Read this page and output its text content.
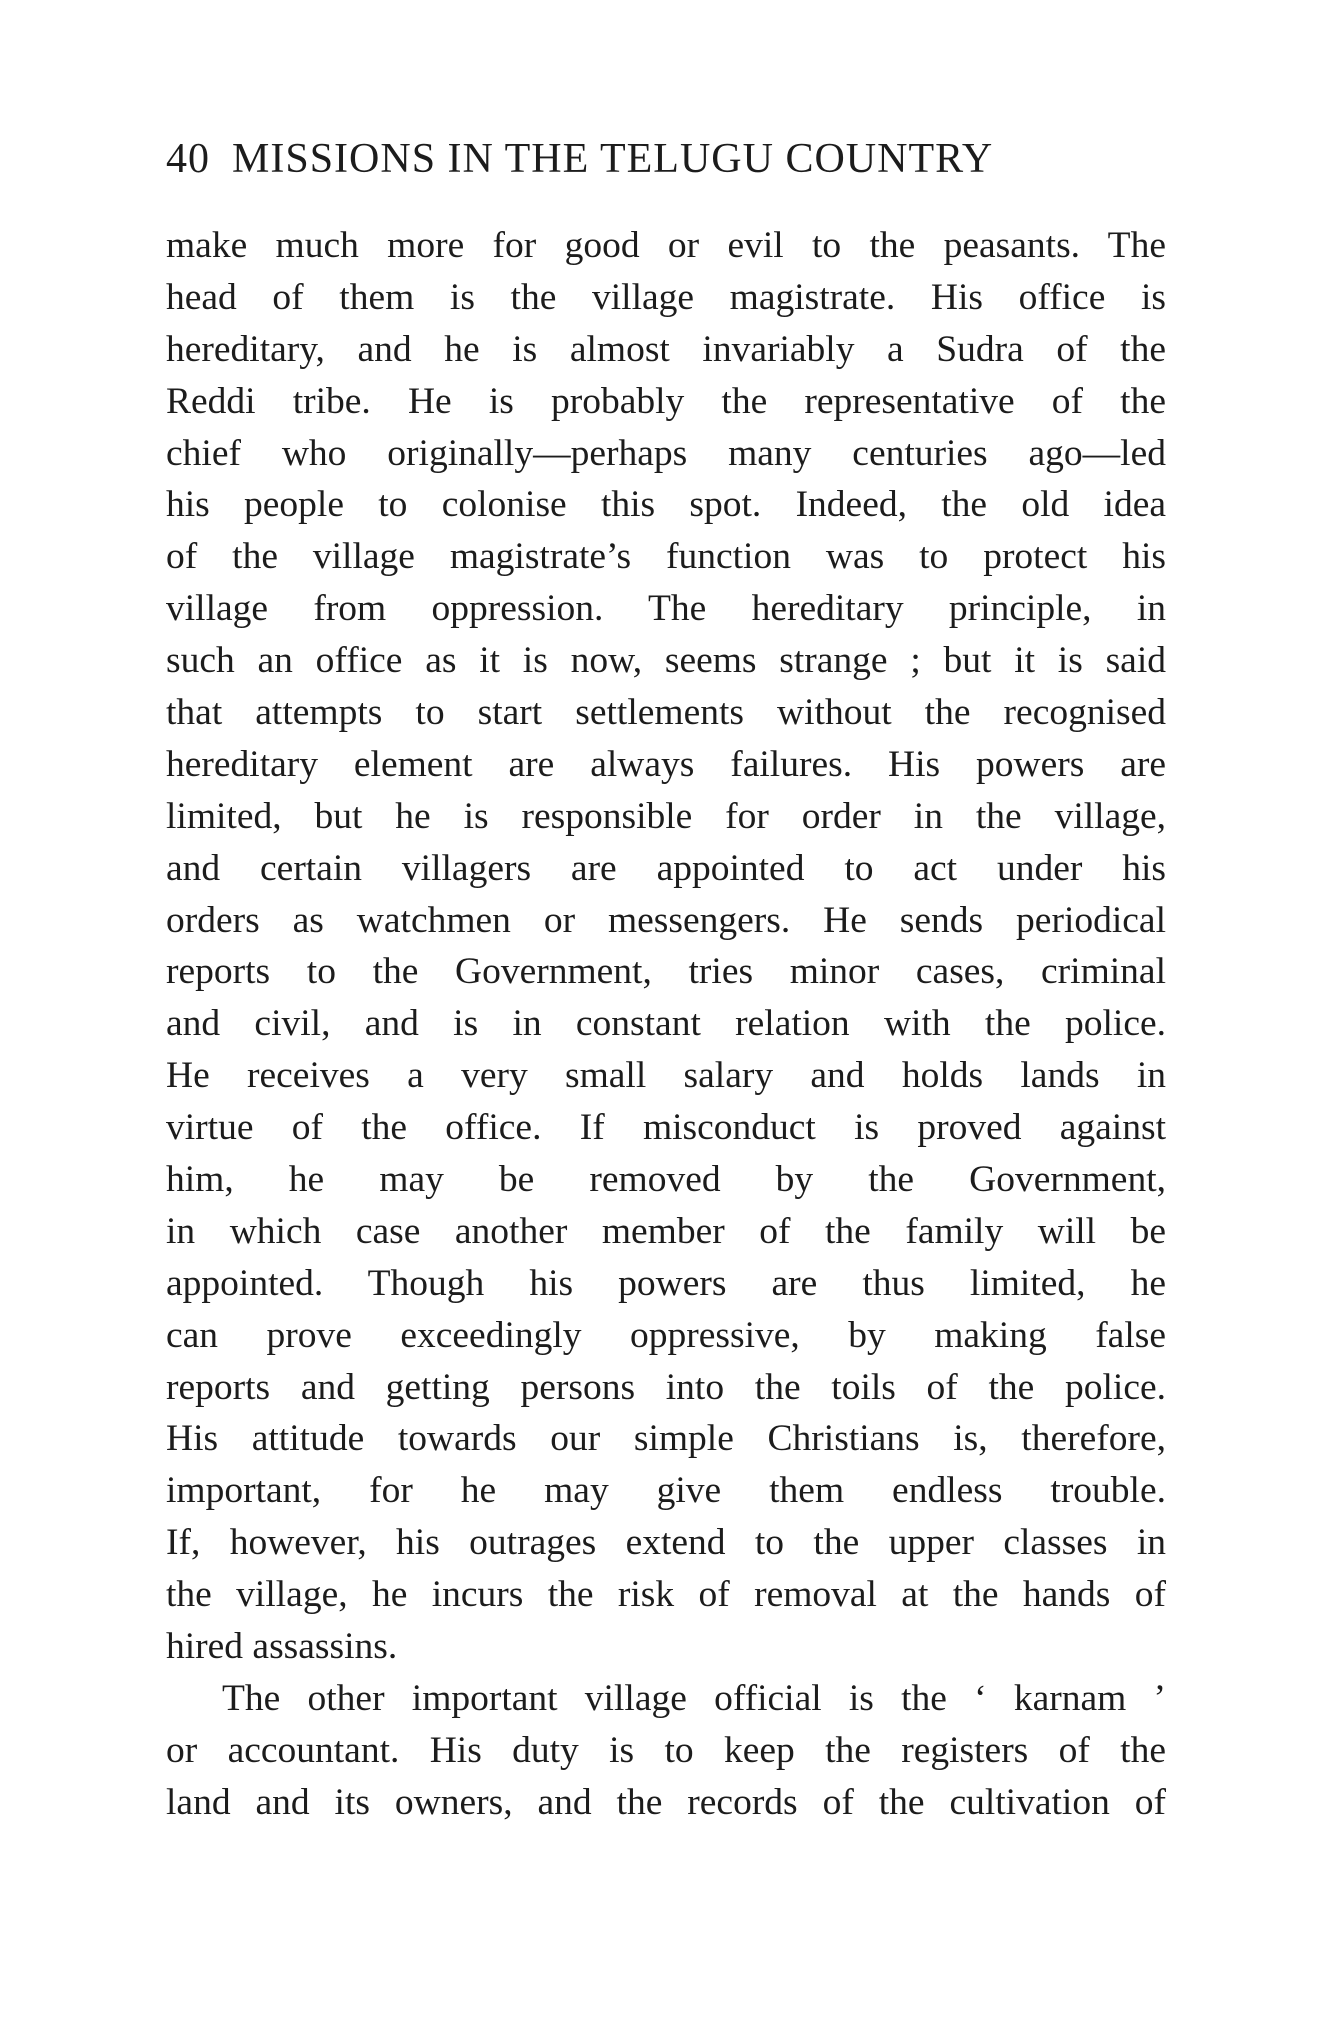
40 MISSIONS IN THE TELUGU COUNTRY
make much more for good or evil to the peasants. The
head of them is the village magistrate. His office is
hereditary, and he is almost invariably a Sudra of the
Reddi tribe. He is probably the representative of the
chief who originally—perhaps many centuries ago—led
his people to colonise this spot. Indeed, the old idea
of the village magistrate’s function was to protect his
village from oppression. The hereditary principle, in
such an office as it is now, seems strange ; but it is said
that attempts to start settlements without the recognised
hereditary element are always failures. His powers are
limited, but he is responsible for order in the village,
and certain villagers are appointed to act under his
orders as watchmen or messengers. He sends periodical
reports to the Government, tries minor cases, criminal
and civil, and is in constant relation with the police.
He receives a very small salary and holds lands in
virtue of the office. If misconduct is proved against
him, he may be removed by the Government,
in which case another member of the family will be
appointed. Though his powers are thus limited, he
can prove exceedingly oppressive, by making false
reports and getting persons into the toils of the police.
His attitude towards our simple Christians is, therefore,
important, for he may give them endless trouble.
If, however, his outrages extend to the upper classes in
the village, he incurs the risk of removal at the hands of
hired assassins.
The other important village official is the ‘ karnam ’
or accountant. His duty is to keep the registers of the
land and its owners, and the records of the cultivation of
